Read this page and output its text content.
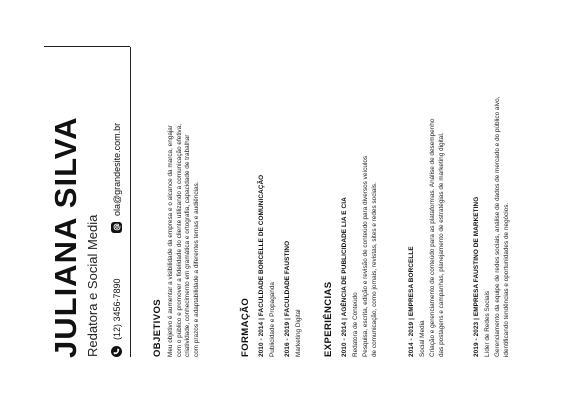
JULIANA SILVA Redatora e Social Media (12) 3456-7890
ola@grandesite.com.br
OBJETIVOS Meu objetivo é aumentar a visibilidade da empresa e o alcance da marca, engajar com o público e promover a fidelidade do cliente utilizando a comunicação efetiva, criatividade, conhecimento em gramática e ortografia, capacidade de trabalhar com prazos e adaptabilidade a diferentes temas e audiências.	FORMAÇÃO 2010 - 2014 | FACULDADE BORCELLE DE COMUNICAÇÃO Publicidade e Propaganda 2016 - 2019 | FACULDADE FAUSTINO Marketing Digital EXPERIÊNCIAS 2010 - 2014 | AGÊNCIA DE PUBLICIDADE LIA E CIA Redatora de Conteúdo Pesquisa, escrita, edição e revisão de conteúdo para diversos veículos de comunicação, como jornais, revistas, sites e redes sociais.	2014 - 2019 | EMPRESA BORCELLE Social Media Criação e gerenciamento de conteúdo para as plataformas. Análise de desempenho das postagens e campanhas, planejamento de estratégias de marketing digital.	2019 - 2023 | EMPRESA FAUSTINO DE MARKETING Líder de Redes Sociais Gerenciamento da equipe de redes sociais, análise de dados de mercado e do público alvo, identificando tendências e oportunidades de negócios.
